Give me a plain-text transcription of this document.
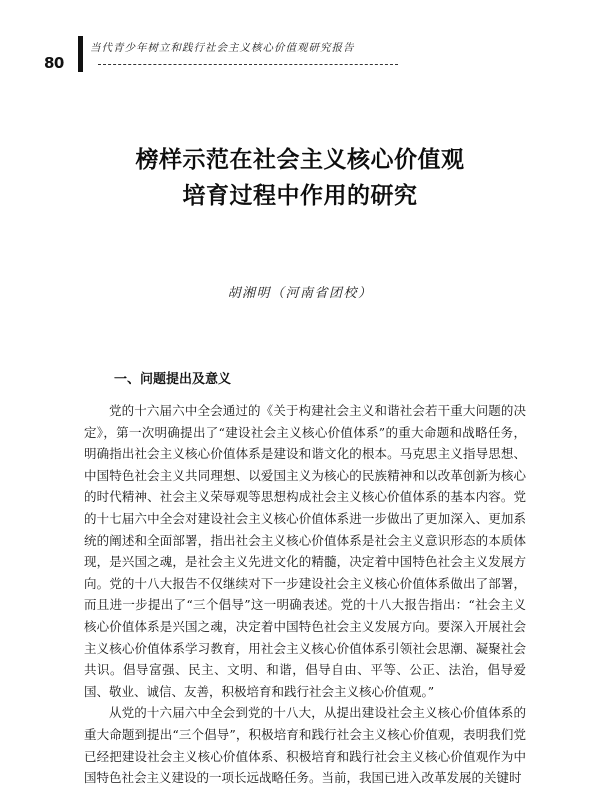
80
当代青少年树立和践行社会主义核心价值观研究报告
榜样示范在社会主义核心价值观
培育过程中作用的研究
胡湘明（河南省团校）
一、问题提出及意义

党的十六届六中全会通过的《关于构建社会主义和谐社会若干重大问题的决定》，第一次明确提出了“建设社会主义核心价值体系”的重大命题和战略任务，明确指出社会主义核心价值体系是建设和谐文化的根本。马克思主义指导思想、中国特色社会主义共同理想、以爱国主义为核心的民族精神和以改革创新为核心的时代精神、社会主义荣辱观等思想构成社会主义核心价值体系的基本内容。党的十七届六中全会对建设社会主义核心价值体系进一步做出了更加深入、更加系统的阐述和全面部署，指出社会主义核心价值体系是社会主义意识形态的本质体现，是兴国之魂，是社会主义先进文化的精髓，决定着中国特色社会主义发展方向。党的十八大报告不仅继续对下一步建设社会主义核心价值体系做出了部署，而且进一步提出了“三个倡导”这一明确表述。党的十八大报告指出：“社会主义核心价值体系是兴国之魂，决定着中国特色社会主义发展方向。要深入开展社会主义核心价值体系学习教育，用社会主义核心价值体系引领社会思潮、凝聚社会共识。倡导富强、民主、文明、和谐，倡导自由、平等、公正、法治，倡导爱国、敬业、诚信、友善，积极培育和践行社会主义核心价值观。”

从党的十六届六中全会到党的十八大，从提出建设社会主义核心价值体系的重大命题到提出“三个倡导”，积极培育和践行社会主义核心价值观，表明我们党已经把建设社会主义核心价值体系、积极培育和践行社会主义核心价值观作为中国特色社会主义建设的一项长远战略任务。当前，我国已进入改革发展的关键时
